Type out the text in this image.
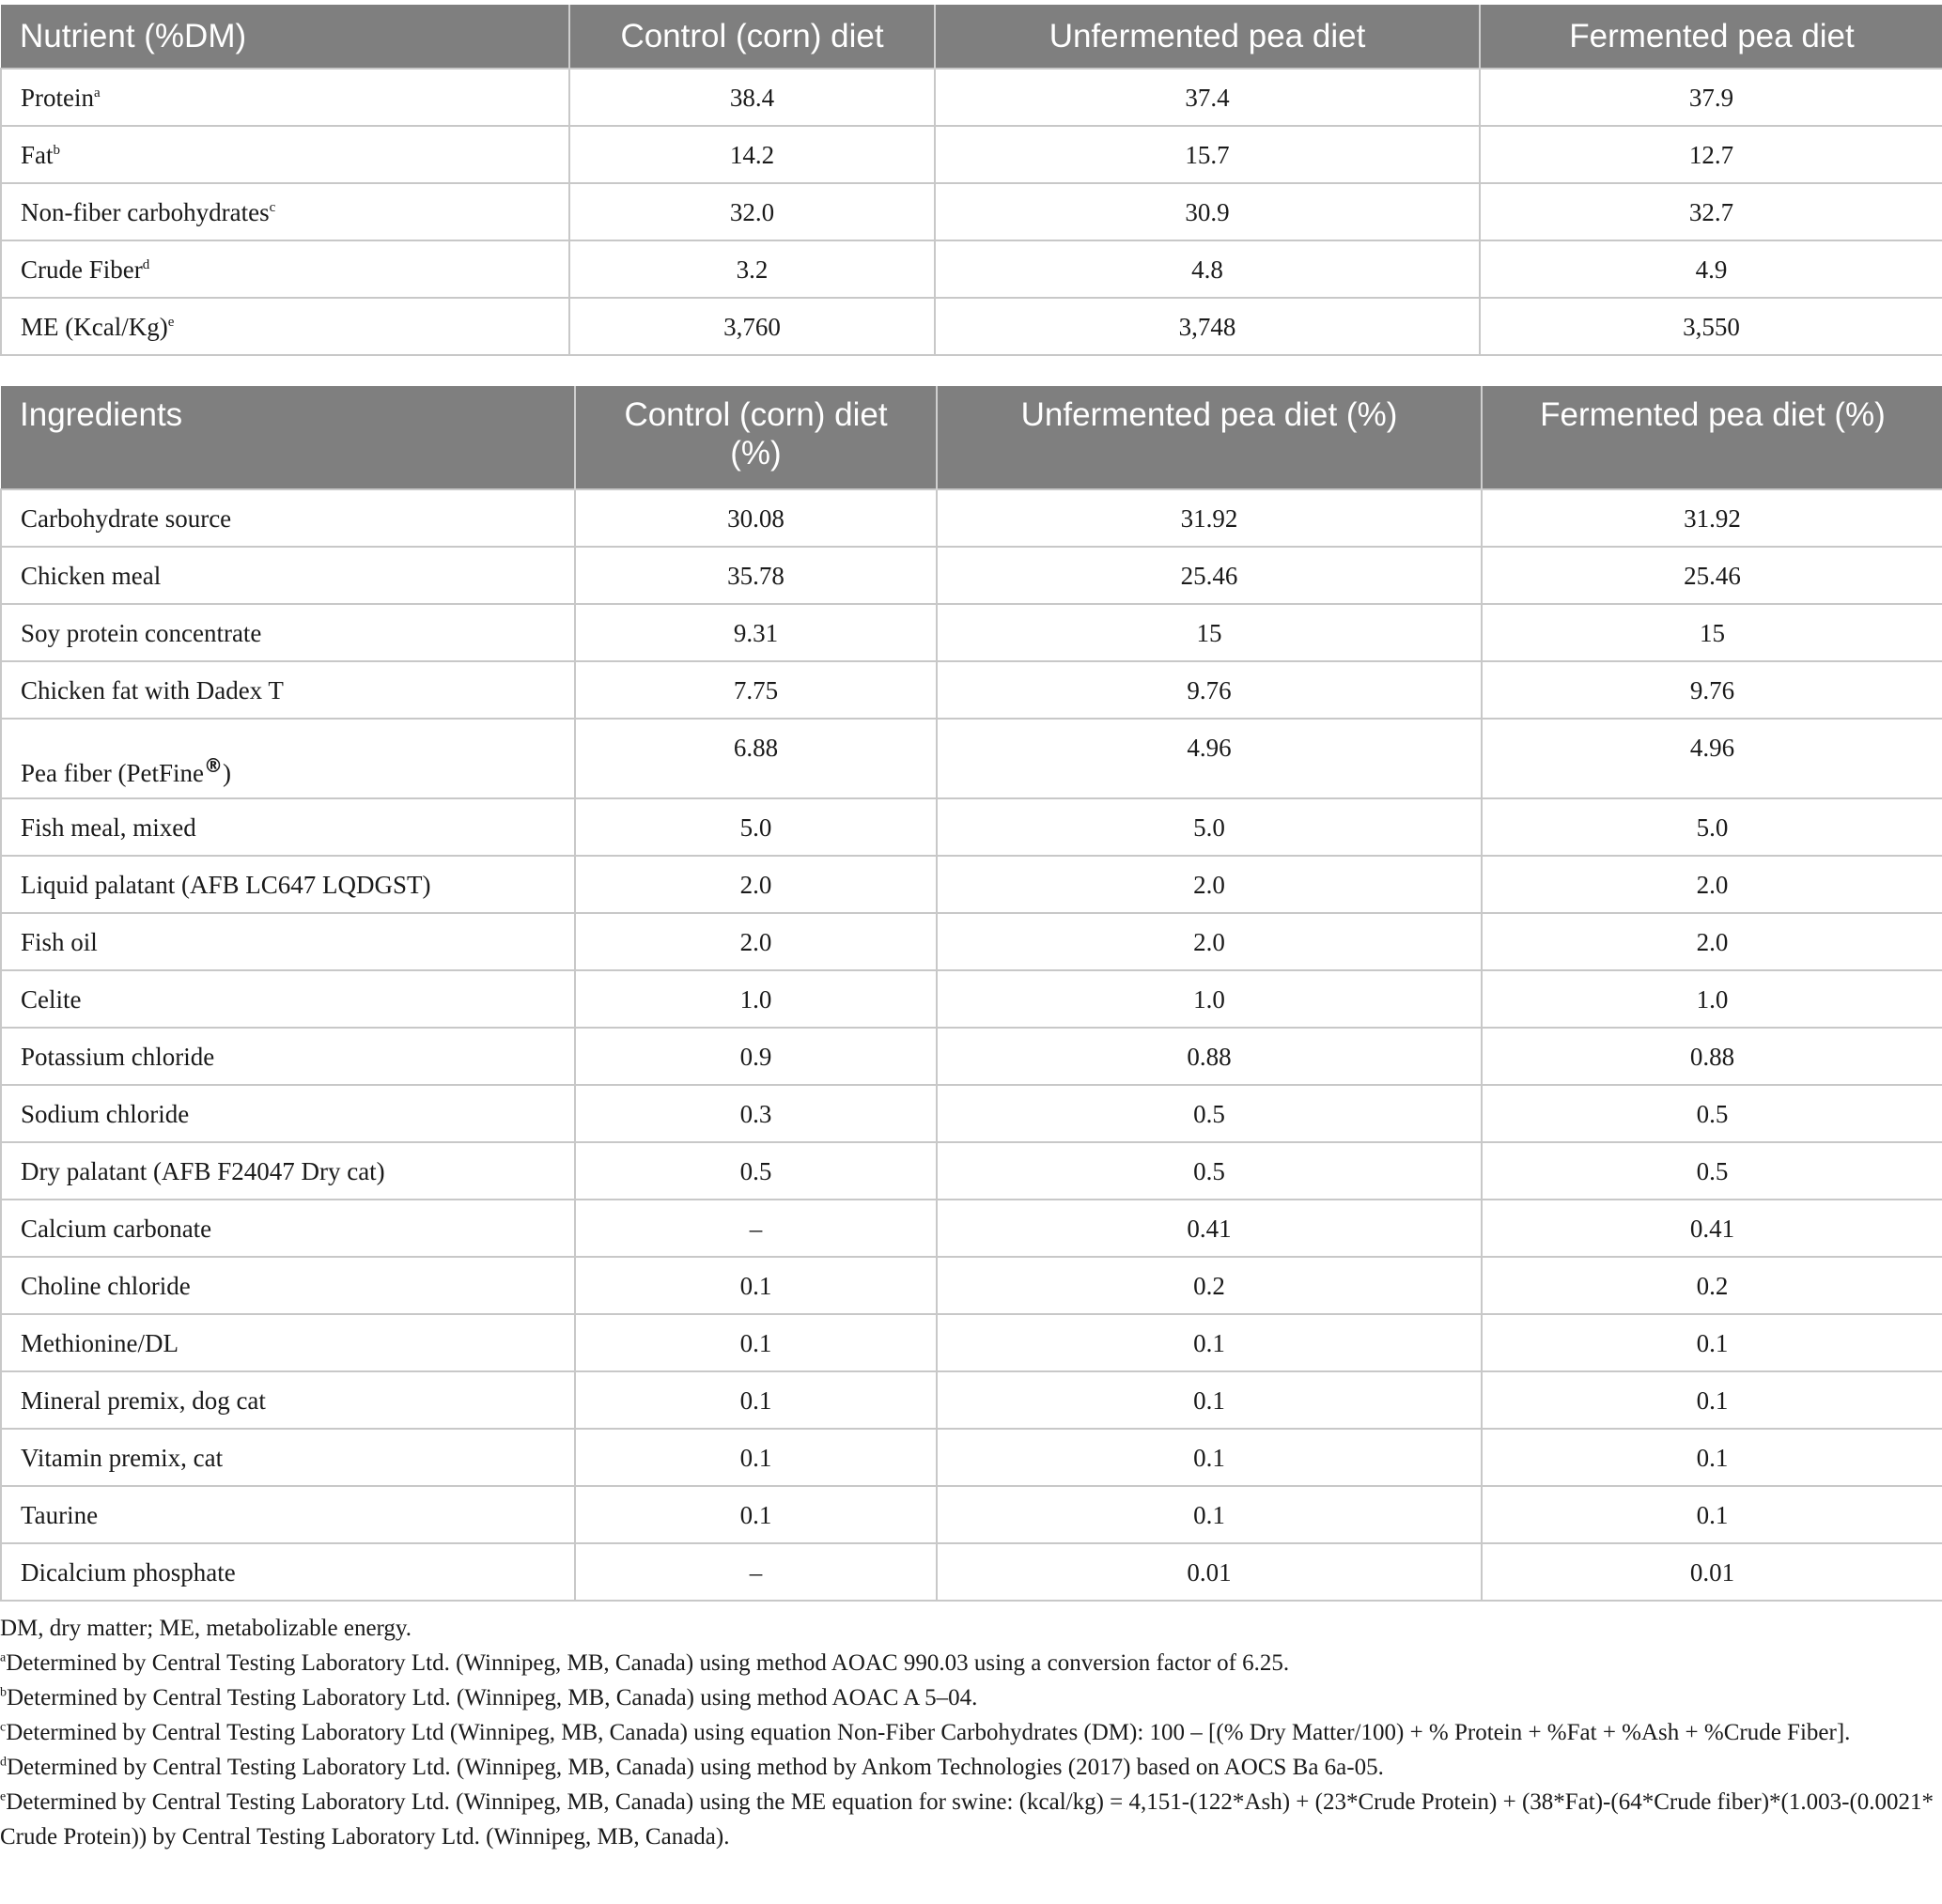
Nutrient (%DM)	Control (corn) diet	Unfermented pea diet	Fermented pea diet
Protein$^a$	38.4	37.4	37.9
Fat$^b$	14.2	15.7	12.7
Non-fiber carbohydrates$^c$	32.0	30.9	32.7
Crude Fiber$^d$	3.2	4.8	4.9
ME (Kcal/Kg)$^e$	3,760	3,748	3,550
Ingredients	Control (corn) diet (%)	Unfermented pea diet (%)	Fermented pea diet (%)
Carbohydrate source	30.08	31.92	31.92
Chicken meal	35.78	25.46	25.46
Soy protein concentrate	9.31	15	15
Chicken fat with Dadex T	7.75	9.76	9.76
Pea fiber (PetFine®)	6.88	4.96	4.96
Fish meal, mixed	5.0	5.0	5.0
Liquid palatant (AFB LC647 LQDGST)	2.0	2.0	2.0
Fish oil	2.0	2.0	2.0
Celite	1.0	1.0	1.0
Potassium chloride	0.9	0.88	0.88
Sodium chloride	0.3	0.5	0.5
Dry palatant (AFB F24047 Dry cat)	0.5	0.5	0.5
Calcium carbonate	–	0.41	0.41
Choline chloride	0.1	0.2	0.2
Methionine/DL	0.1	0.1	0.1
Mineral premix, dog cat	0.1	0.1	0.1
Vitamin premix, cat	0.1	0.1	0.1
Taurine	0.1	0.1	0.1
Dicalcium phosphate	–	0.01	0.01

DM, dry matter; ME, metabolizable energy.

$^a$Determined by Central Testing Laboratory Ltd. (Winnipeg, MB, Canada) using method AOAC 990.03 using a conversion factor of 6.25.

$^b$Determined by Central Testing Laboratory Ltd. (Winnipeg, MB, Canada) using method AOAC A 5–04.

$^c$Determined by Central Testing Laboratory Ltd (Winnipeg, MB, Canada) using equation Non-Fiber Carbohydrates (DM): 100 – [(% Dry Matter/100) + % Protein + %Fat + %Ash + %Crude Fiber].

$^d$Determined by Central Testing Laboratory Ltd. (Winnipeg, MB, Canada) using method by Ankom Technologies (2017) based on AOCS Ba 6a-05.

$^e$Determined by Central Testing Laboratory Ltd. (Winnipeg, MB, Canada) using the ME equation for swine: (kcal/kg) = 4,151-(122*Ash) + (23*Crude Protein) + (38*Fat)-(64*Crude fiber)*(1.003-(0.0021* Crude Protein)) by Central Testing Laboratory Ltd. (Winnipeg, MB, Canada).
